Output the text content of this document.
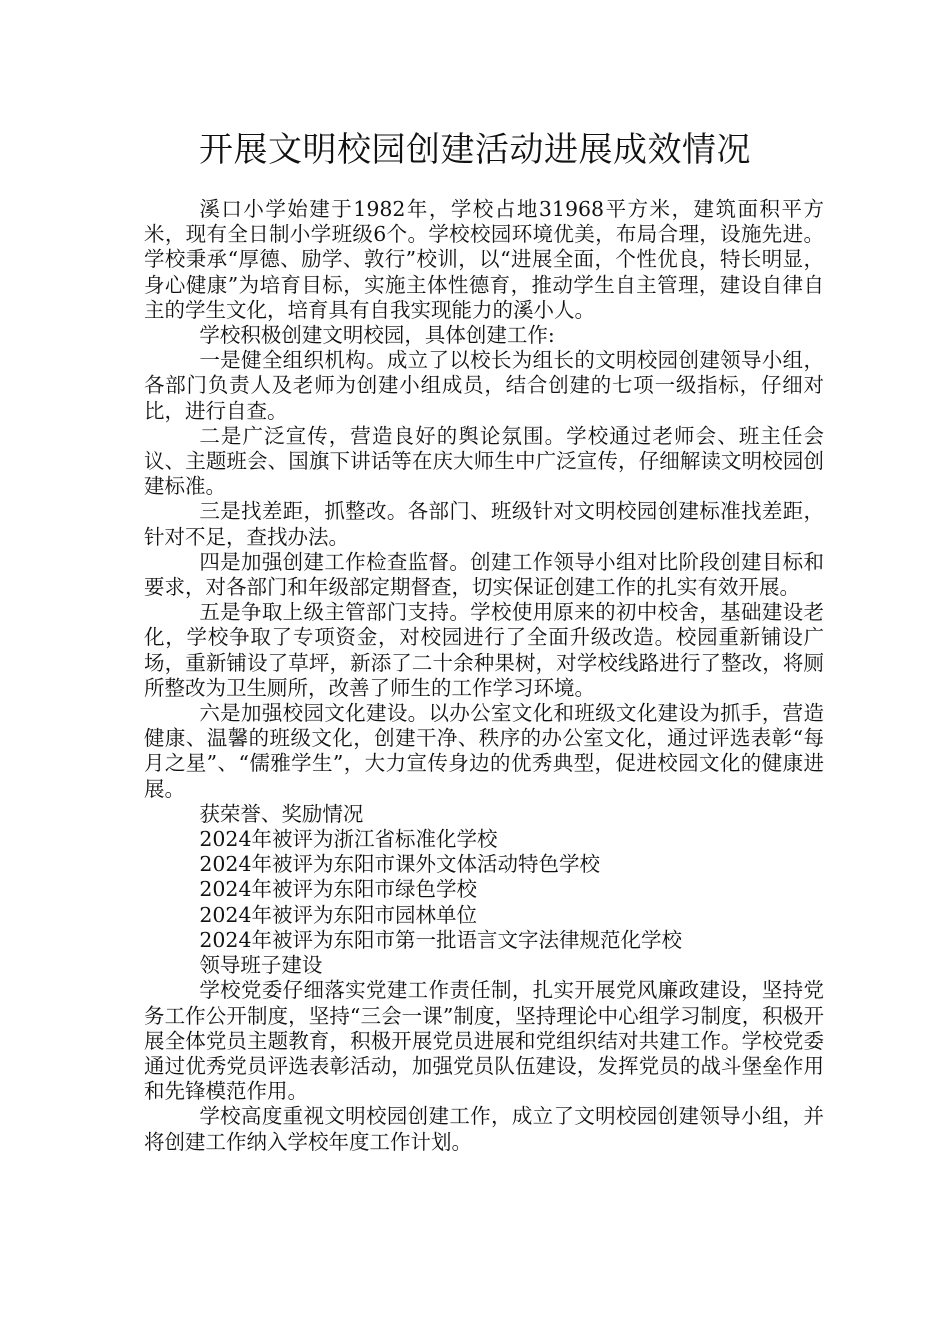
开展文明校园创建活动进展成效情况

溪口小学始建于1982年，学校占地31968平方米，建筑面积平方米，现有全日制小学班级6个。学校校园环境优美，布局合理，设施先进。学校秉承“厚德、励学、敦行”校训，以“进展全面，个性优良，特长明显，身心健康”为培育目标，实施主体性德育，推动学生自主管理，建设自律自主的学生文化，培育具有自我实现能力的溪小人。

学校积极创建文明校园，具体创建工作:

一是健全组织机构。成立了以校长为组长的文明校园创建领导小组，各部门负责人及老师为创建小组成员，结合创建的七项一级指标，仔细对比，进行自查。

二是广泛宣传，营造良好的舆论氛围。学校通过老师会、班主任会议、主题班会、国旗下讲话等在庆大师生中广泛宣传，仔细解读文明校园创建标准。

三是找差距，抓整改。各部门、班级针对文明校园创建标准找差距，针对不足，查找办法。

四是加强创建工作检查监督。创建工作领导小组对比阶段创建目标和要求，对各部门和年级部定期督查，切实保证创建工作的扎实有效开展。

五是争取上级主管部门支持。学校使用原来的初中校舍，基础建设老化，学校争取了专项资金，对校园进行了全面升级改造。校园重新铺设广场，重新铺设了草坪，新添了二十余种果树，对学校线路进行了整改，将厕所整改为卫生厕所，改善了师生的工作学习环境。

六是加强校园文化建设。以办公室文化和班级文化建设为抓手，营造健康、温馨的班级文化，创建干净、秩序的办公室文化，通过评选表彰“每月之星”、“儒雅学生”，大力宣传身边的优秀典型，促进校园文化的健康进展。

获荣誉、奖励情况

2024年被评为浙江省标准化学校

2024年被评为东阳市课外文体活动特色学校

2024年被评为东阳市绿色学校

2024年被评为东阳市园林单位

2024年被评为东阳市第一批语言文字法律规范化学校

领导班子建设

学校党委仔细落实党建工作责任制，扎实开展党风廉政建设，坚持党务工作公开制度，坚持“三会一课”制度，坚持理论中心组学习制度，积极开展全体党员主题教育，积极开展党员进展和党组织结对共建工作。学校党委通过优秀党员评选表彰活动，加强党员队伍建设，发挥党员的战斗堡垒作用和先锋模范作用。

学校高度重视文明校园创建工作，成立了文明校园创建领导小组，并将创建工作纳入学校年度工作计划。
